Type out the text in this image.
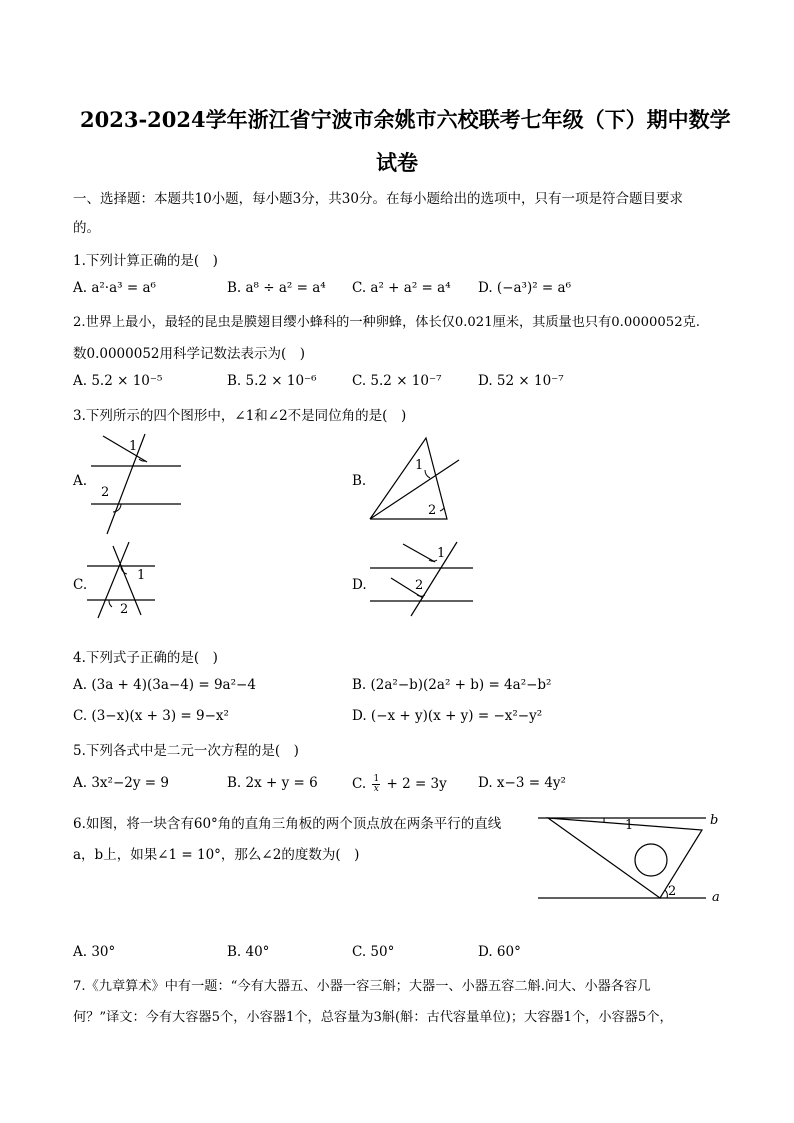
2023-2024学年浙江省宁波市余姚市六校联考七年级（下）期中数学
试卷
一、选择题：本题共10小题，每小题3分，共30分。在每小题给出的选项中，只有一项是符合题目要求
的。
1.下列计算正确的是(　)
A. a²·a³ = a⁶	B. a⁸ ÷ a² = a⁴ C. a² + a² = a⁴ D. (−a³)² = a⁶
2.世界上最小，最轻的昆虫是膜翅目缨小蜂科的一种卵蜂，体长仅0.021厘米，其质量也只有0.0000052克.
数0.0000052用科学记数法表示为(　)
A. 5.2 × 10⁻⁵	B. 5.2 × 10⁻⁶	C. 5.2 × 10⁻⁷	D. 52 × 10⁻⁷
3.下列所示的四个图形中，∠1和∠2不是同位角的是(　)
A.
1
2
B.
1
2
C.
1
2
D.
1
2
4.下列式子正确的是(　)
A. (3a + 4)(3a−4) = 9a²−4	B. (2a²−b)(2a² + b) = 4a²−b²
C. (3−x)(x + 3) = 9−x²	D. (−x + y)(x + y) = −x²−y²
5.下列各式中是二元一次方程的是(　)
A. 3x²−2y = 9	B. 2x + y = 6	C. $\frac{1}{x} + 2 = 3y$ D. x−3 = 4y²
6.如图，将一块含有60°角的直角三角板的两个顶点放在两条平行的直线
a，b上，如果∠1 = 10°，那么∠2的度数为(　)
1
2
b
a
A. 30°	B. 40°	C. 50°	D. 60°
7.《九章算术》中有一题：“今有大器五、小器一容三斛；大器一、小器五容二斛.问大、小器各容几
何？”译文：今有大容器5个，小容器1个，总容量为3斛(斛：古代容量单位)；大容器1个，小容器5个，
